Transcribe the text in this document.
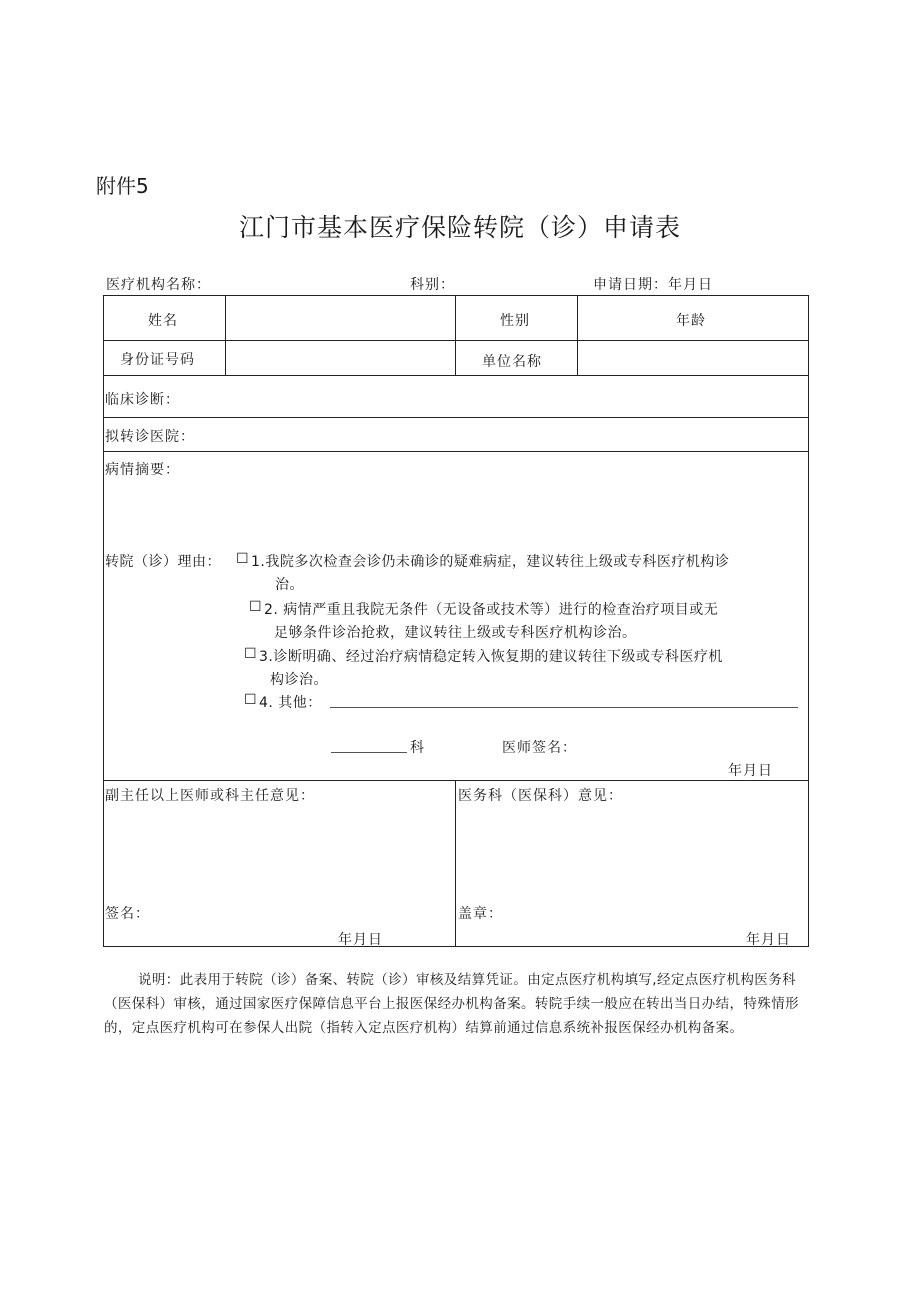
附件5
江门市基本医疗保险转院（诊）申请表
医疗机构名称：	科别：	申请日期：年月日
姓名	性别	年龄
身份证号码	单位名称
临床诊断：
拟转诊医院：
病情摘要：
转院（诊）理由： ☐ 1.我院多次检查会诊仍未确诊的疑难病症，建议转往上级或专科医疗机构诊
治。
☐ 2. 病情严重且我院无条件（无设备或技术等）进行的检查治疗项目或无
足够条件诊治抢救，建议转往上级或专科医疗机构诊治。
☐ 3.诊断明确、经过治疗病情稳定转入恢复期的建议转往下级或专科医疗机
构诊治。
☐ 4. 其他：
科	医师签名：
年月日
副主任以上医师或科主任意见：
签名：
年月日
医务科（医保科）意见：
盖章：
年月日
说明：此表用于转院（诊）备案、转院（诊）审核及结算凭证。由定点医疗机构填写,经定点医疗机构医务科（医保科）审核，通过国家医疗保障信息平台上报医保经办机构备案。转院手续一般应在转出当日办结，特殊情形的，定点医疗机构可在参保人出院（指转入定点医疗机构）结算前通过信息系统补报医保经办机构备案。
